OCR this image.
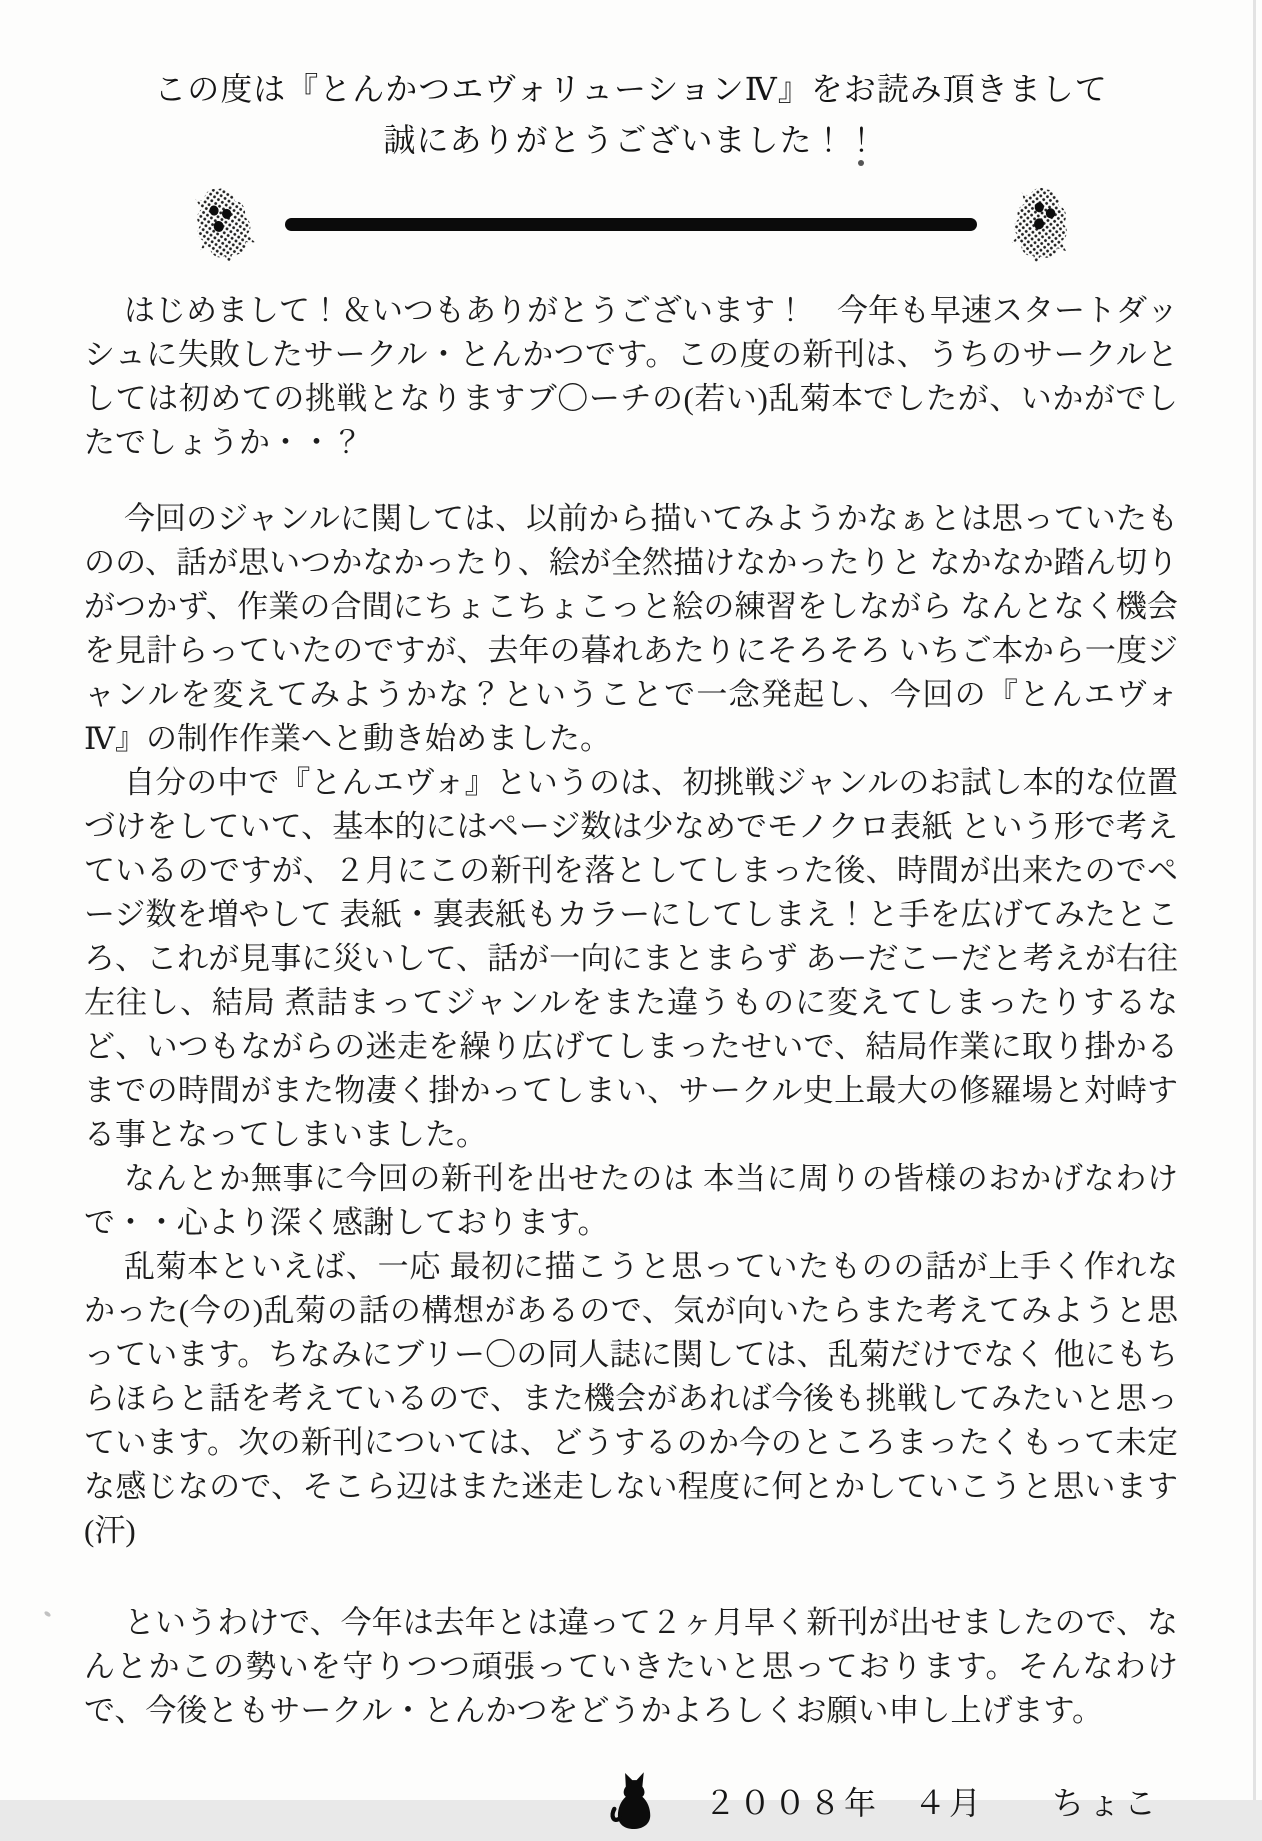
この度は『とんかつエヴォリューションⅣ』をお読み頂きまして
誠にありがとうございました！！

はじめまして！＆いつもありがとうございます！　今年も早速スタートダッシュに失敗したサークル・とんかつです。この度の新刊は、うちのサークルとしては初めての挑戦となりますブ〇ーチの(若い)乱菊本でしたが、いかがでしたでしょうか・・？

今回のジャンルに関しては、以前から描いてみようかなぁとは思っていたものの、話が思いつかなかったり、絵が全然描けなかったりと なかなか踏ん切りがつかず、作業の合間にちょこちょこっと絵の練習をしながら なんとなく機会を見計らっていたのですが、去年の暮れあたりにそろそろ いちご本から一度ジャンルを変えてみようかな？ということで一念発起し、今回の『とんエヴォⅣ』の制作作業へと動き始めました。

自分の中で『とんエヴォ』というのは、初挑戦ジャンルのお試し本的な位置づけをしていて、基本的にはページ数は少なめでモノクロ表紙 という形で考えているのですが、２月にこの新刊を落としてしまった後、時間が出来たのでページ数を増やして 表紙・裏表紙もカラーにしてしまえ！と手を広げてみたところ、これが見事に災いして、話が一向にまとまらず あーだこーだと考えが右往左往し、結局 煮詰まってジャンルをまた違うものに変えてしまったりするなど、いつもながらの迷走を繰り広げてしまったせいで、結局作業に取り掛かるまでの時間がまた物凄く掛かってしまい、サークル史上最大の修羅場と対峙する事となってしまいました。

なんとか無事に今回の新刊を出せたのは 本当に周りの皆様のおかげなわけで・・心より深く感謝しております。

乱菊本といえば、一応 最初に描こうと思っていたものの話が上手く作れなかった(今の)乱菊の話の構想があるので、気が向いたらまた考えてみようと思っています。ちなみにブリー〇の同人誌に関しては、乱菊だけでなく 他にもちらほらと話を考えているので、また機会があれば今後も挑戦してみたいと思っています。次の新刊については、どうするのか今のところまったくもって未定な感じなので、そこら辺はまた迷走しない程度に何とかしていこうと思います(汗)

というわけで、今年は去年とは違って２ヶ月早く新刊が出せましたので、なんとかこの勢いを守りつつ頑張っていきたいと思っております。そんなわけで、今後ともサークル・とんかつをどうかよろしくお願い申し上げます。

２００８年　４月 ちょこ
